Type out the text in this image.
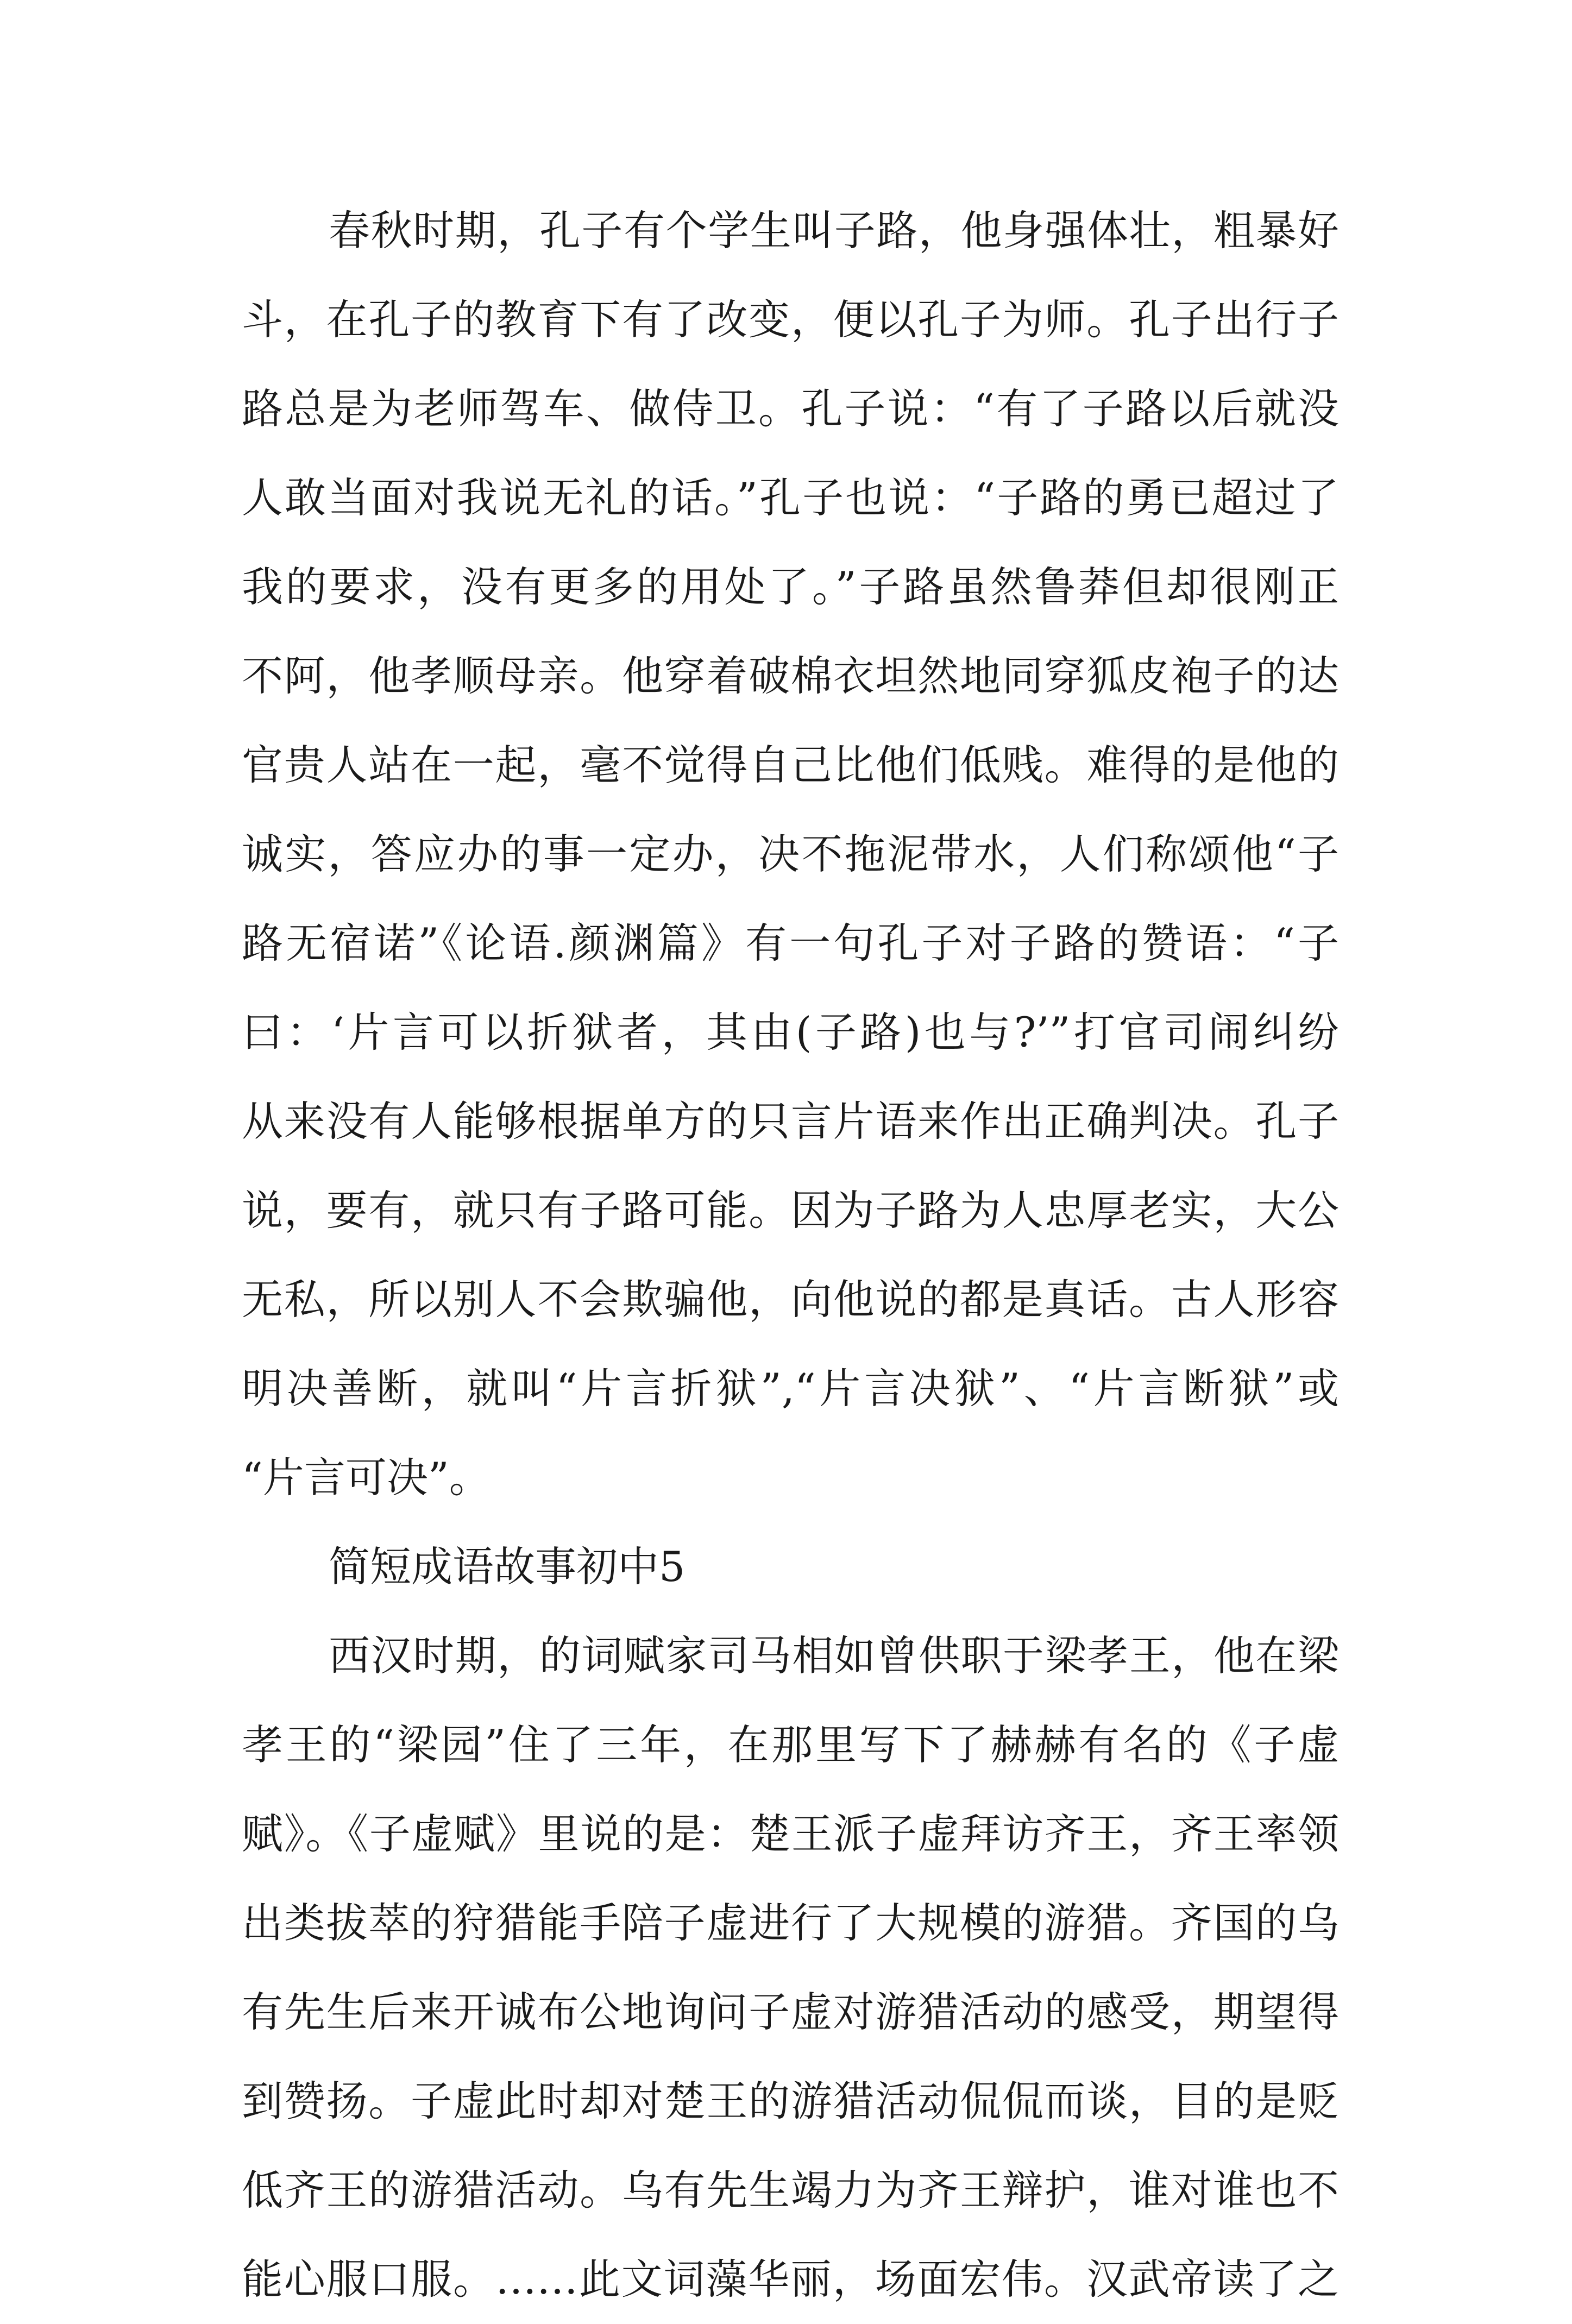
春秋时期，孔子有个学生叫子路，他身强体壮，粗暴好
斗，在孔子的教育下有了改变，便以孔子为师。孔子出行子
路总是为老师驾车、做侍卫。孔子说：“有了子路以后就没
人敢当面对我说无礼的话。”孔子也说：“子路的勇已超过了
我的要求，没有更多的用处了。”子路虽然鲁莽但却很刚正
不阿，他孝顺母亲。他穿着破棉衣坦然地同穿狐皮袍子的达
官贵人站在一起，毫不觉得自己比他们低贱。难得的是他的
诚实，答应办的事一定办，决不拖泥带水，人们称颂他“子
路无宿诺”《论语.颜渊篇》有一句孔子对子路的赞语：“子
曰：‘片言可以折狱者，其由(子路)也与?’”打官司闹纠纷
从来没有人能够根据单方的只言片语来作出正确判决。孔子
说，要有，就只有子路可能。因为子路为人忠厚老实，大公
无私，所以别人不会欺骗他，向他说的都是真话。古人形容
明决善断，就叫“片言折狱”,“片言决狱”、“片言断狱”或
“片言可决”。
简短成语故事初中5
西汉时期，的词赋家司马相如曾供职于梁孝王，他在梁
孝王的“梁园”住了三年，在那里写下了赫赫有名的《子虚
赋》。《子虚赋》里说的是：楚王派子虚拜访齐王，齐王率领
出类拔萃的狩猎能手陪子虚进行了大规模的游猎。齐国的乌
有先生后来开诚布公地询问子虚对游猎活动的感受，期望得
到赞扬。子虚此时却对楚王的游猎活动侃侃而谈，目的是贬
低齐王的游猎活动。乌有先生竭力为齐王辩护，谁对谁也不
能心服口服。……此文词藻华丽，场面宏伟。汉武帝读了之
